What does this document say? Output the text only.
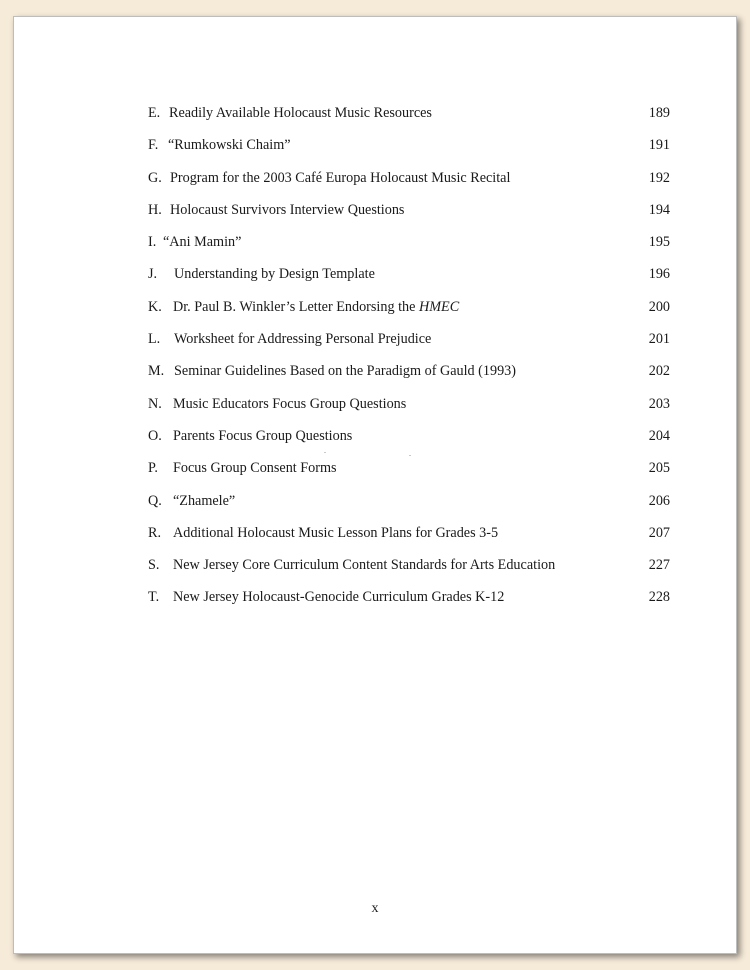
E. Readily Available Holocaust Music Resources	189
F. “Rumkowski Chaim”	191
G. Program for the 2003 Café Europa Holocaust Music Recital	192
H. Holocaust Survivors Interview Questions	194
I. “Ani Mamin”	195
J. Understanding by Design Template	196
K. Dr. Paul B. Winkler’s Letter Endorsing the HMEC	200
L. Worksheet for Addressing Personal Prejudice	201
M. Seminar Guidelines Based on the Paradigm of Gauld (1993)	202
N. Music Educators Focus Group Questions	203
O. Parents Focus Group Questions	204
P. Focus Group Consent Forms	205
Q. “Zhamele”	206
R. Additional Holocaust Music Lesson Plans for Grades 3-5	207
S. New Jersey Core Curriculum Content Standards for Arts Education	227
T. New Jersey Holocaust-Genocide Curriculum Grades K-12	228
x
